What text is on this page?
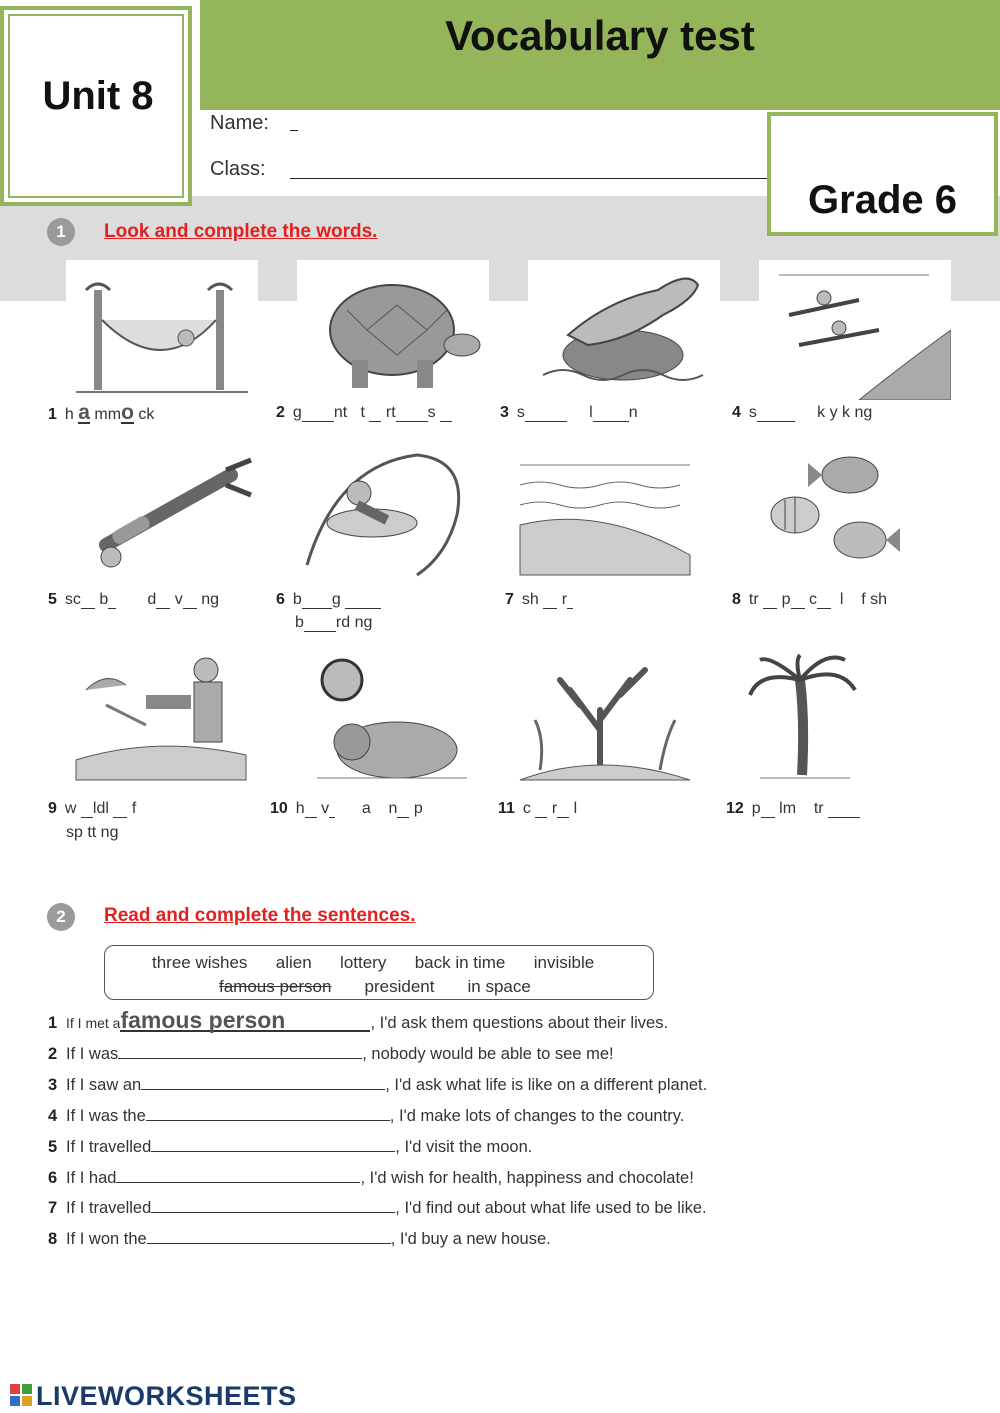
Vocabulary test
Unit 8
Name:
Class:
Grade 6
1	Look and complete the words.
1 h a mmo ck	2 g nt t rt s	3 s	l n	4 s	k y k ng
5 sc b d v ng	6 b g
b rd ng
7 sh r	8 tr p c l f sh
9 w ldl f
sp tt ng
10 h v a n p	11 c r l	12 p lm tr
2	Read and complete the sentences.
three wishes alien lottery back in time invisible
famous person president in space
1 If I met afamous person	, I'd ask them questions about their lives.
2 If I was	, nobody would be able to see me!
3 If I saw an	, I'd ask what life is like on a different planet.
4 If I was the	, I'd make lots of changes to the country.
5 If I travelled	, I'd visit the moon.
6 If I had	, I'd wish for health, happiness and chocolate!
7 If I travelled	, I'd find out about what life used to be like.
8 If I won the	, I'd buy a new house.
LIVEWORKSHEETS
